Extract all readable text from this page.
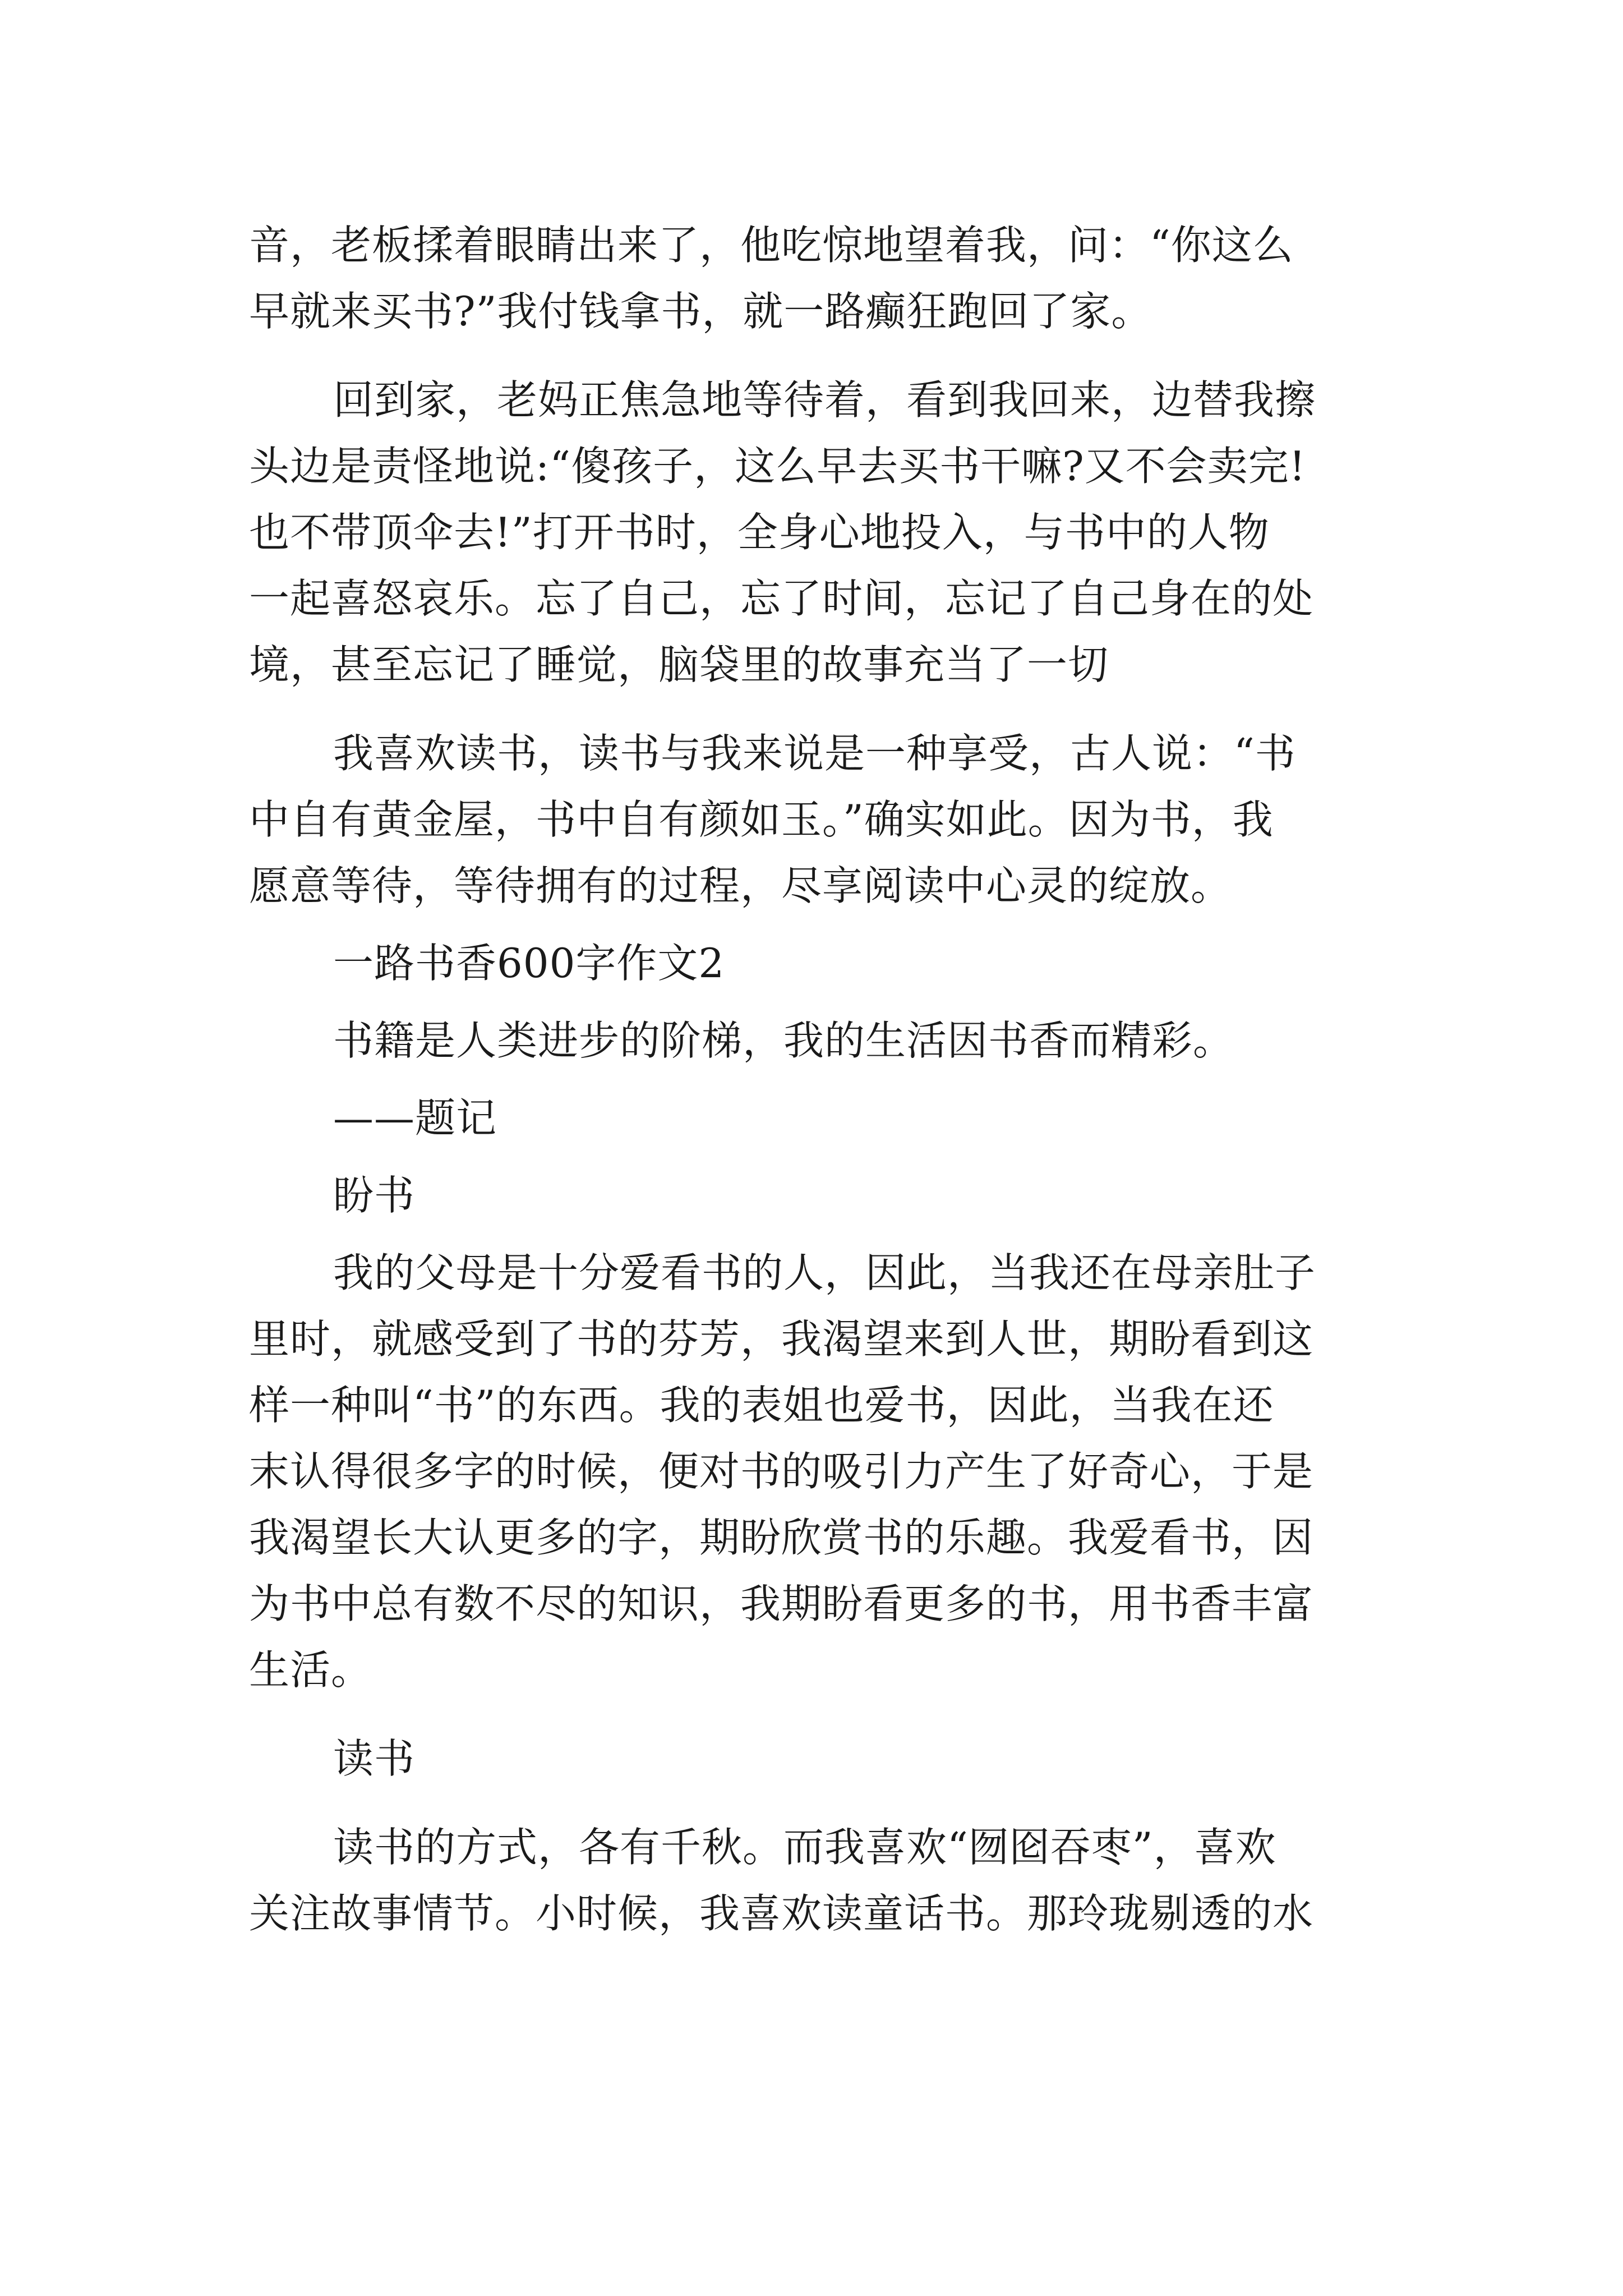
音，老板揉着眼睛出来了，他吃惊地望着我，问：“你这么
早就来买书?”我付钱拿书，就一路癫狂跑回了家。
回到家，老妈正焦急地等待着，看到我回来，边替我擦
头边是责怪地说:“傻孩子，这么早去买书干嘛?又不会卖完!
也不带顶伞去!”打开书时，全身心地投入，与书中的人物
一起喜怒哀乐。忘了自己，忘了时间，忘记了自己身在的处
境，甚至忘记了睡觉，脑袋里的故事充当了一切
我喜欢读书，读书与我来说是一种享受，古人说：“书
中自有黄金屋，书中自有颜如玉。”确实如此。因为书，我
愿意等待，等待拥有的过程，尽享阅读中心灵的绽放。
一路书香600字作文2
书籍是人类进步的阶梯，我的生活因书香而精彩。
——题记
盼书
我的父母是十分爱看书的人，因此，当我还在母亲肚子
里时，就感受到了书的芬芳，我渴望来到人世，期盼看到这
样一种叫“书”的东西。我的表姐也爱书，因此，当我在还
末认得很多字的时候，便对书的吸引力产生了好奇心，于是
我渴望长大认更多的字，期盼欣赏书的乐趣。我爱看书，因
为书中总有数不尽的知识，我期盼看更多的书，用书香丰富
生活。
读书
读书的方式，各有千秋。而我喜欢“囫囵吞枣”，喜欢
关注故事情节。小时候，我喜欢读童话书。那玲珑剔透的水
